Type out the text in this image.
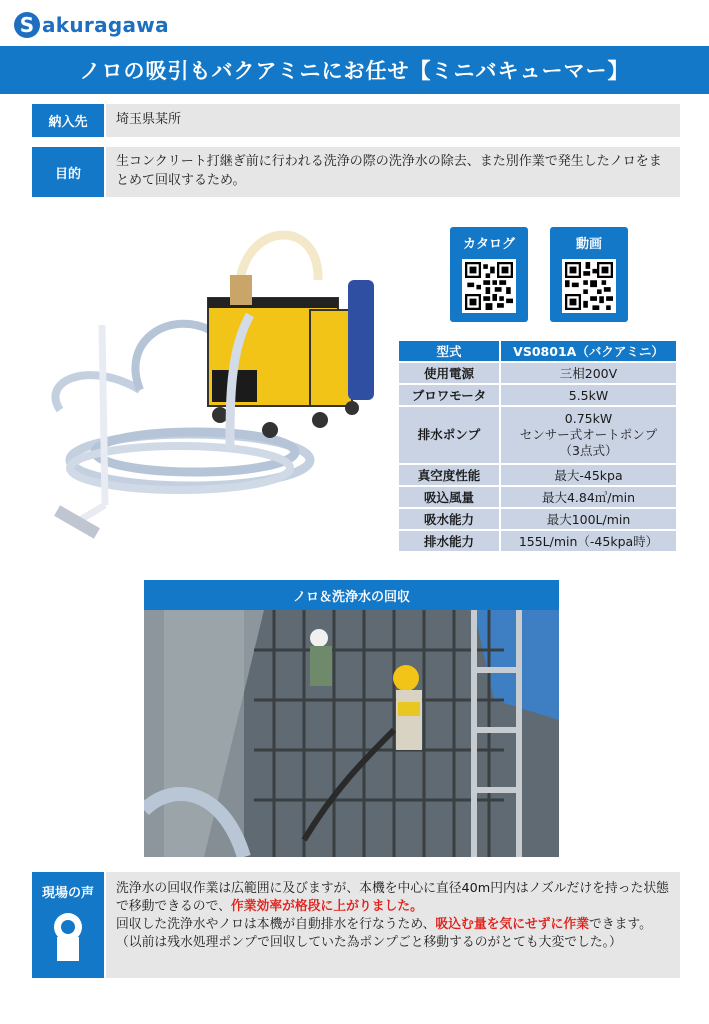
S akuragawa
ノロの吸引もバクアミニにお任せ【ミニバキューマー】
納入先	埼玉県某所
目的
生コンクリート打継ぎ前に行われる洗浄の際の洗浄水の除去、また別作業で発生したノロをまとめて回収するため。
カタログ	動画
型式	VS0801A（バクアミニ）
使用電源	三相200V
ブロワモータ	5.5kW
排水ポンプ	0.75kW
センサー式オートポンプ
（3点式）

真空度性能	最大-45kpa
吸込風量	最大4.84㎥/min
吸水能力	最大100L/min
排水能力	155L/min（-45kpa時）
ノロ＆洗浄水の回収
現場の声	洗浄水の回収作業は広範囲に及びますが、本機を中心に直径40m円内はノズルだけを持った状態で移動できるので、作業効率が格段に上がりました。
回収した洗浄水やノロは本機が自動排水を行なうため、吸込む量を気にせずに作業できます。
（以前は残水処理ポンプで回収していた為ポンプごと移動するのがとても大変でした。）
